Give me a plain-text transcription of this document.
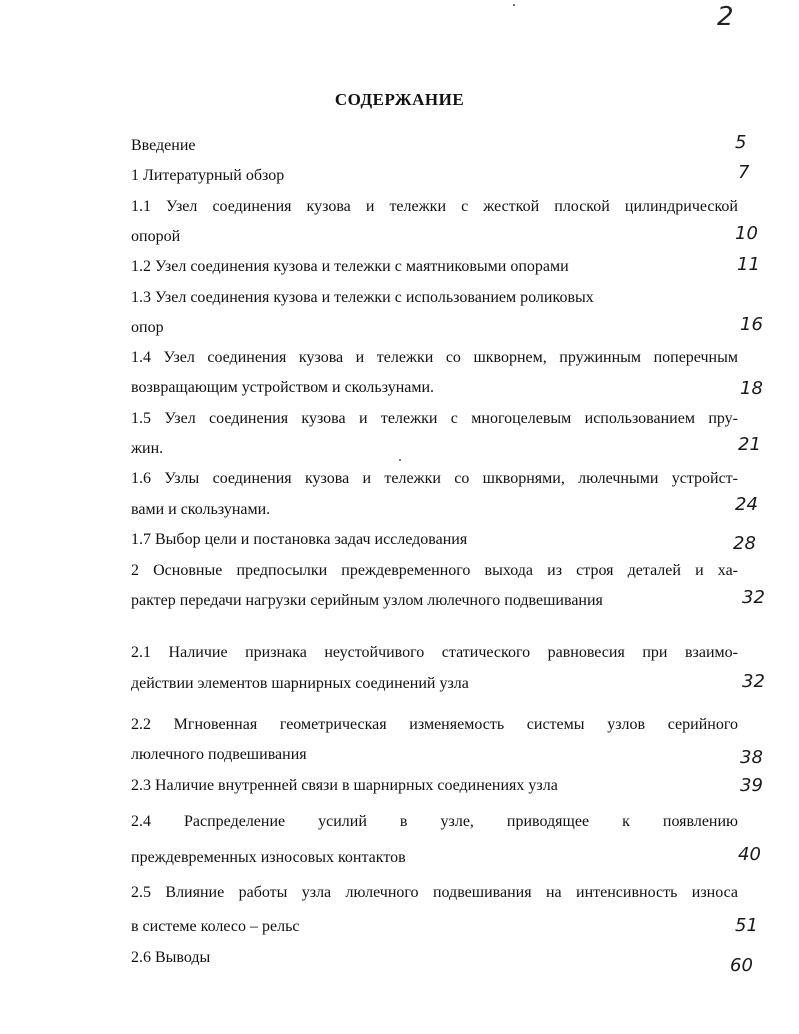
2
СОДЕРЖАНИЕ
Введение	5
1 Литературный обзор	7
1.1 Узел соединения кузова и тележки с жесткой плоской цилиндрической
опорой	10
1.2 Узел соединения кузова и тележки с маятниковыми опорами	11
1.3 Узел соединения кузова и тележки с использованием роликовых
опор	16
1.4 Узел соединения кузова и тележки со шкворнем, пружинным поперечным
возвращающим устройством и скользунами.	18
1.5 Узел соединения кузова и тележки с многоцелевым использованием пру-
жин.	21
1.6 Узлы соединения кузова и тележки со шкворнями, люлечными устройст-
вами и скользунами.	24
1.7 Выбор цели и постановка задач исследования	28
2 Основные предпосылки преждевременного выхода из строя деталей и ха-
рактер передачи нагрузки серийным узлом люлечного подвешивания	32
2.1 Наличие признака неустойчивого статического равновесия при взаимо-
действии элементов шарнирных соединений узла	32
2.2 Мгновенная геометрическая изменяемость системы узлов серийного
люлечного подвешивания	38
2.3 Наличие внутренней связи в шарнирных соединениях узла	39
2.4 Распределение усилий в узле, приводящее к появлению
преждевременных износовых контактов	40
2.5 Влияние работы узла люлечного подвешивания на интенсивность износа
в системе колесо – рельс	51
2.6 Выводы	60
